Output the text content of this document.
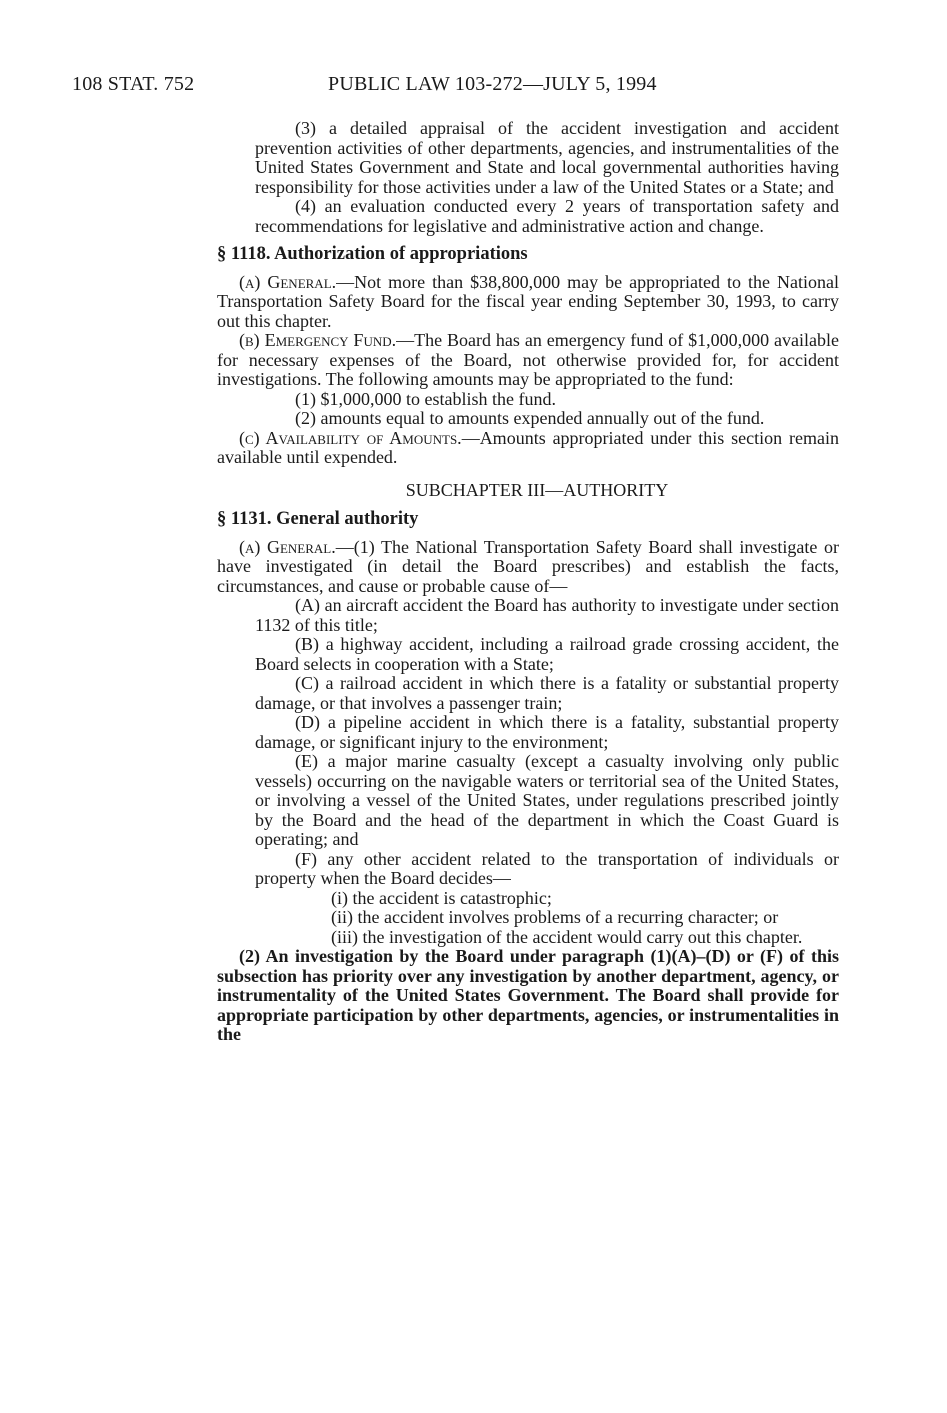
108 STAT. 752	PUBLIC LAW 103-272—JULY 5, 1994

(3) a detailed appraisal of the accident investigation and accident prevention activities of other departments, agencies, and instrumentalities of the United States Government and State and local governmental authorities having responsibility for those activities under a law of the United States or a State; and

(4) an evaluation conducted every 2 years of transportation safety and recommendations for legislative and administrative action and change.

§ 1118. Authorization of appropriations

(a) General.—Not more than $38,800,000 may be appropriated to the National Transportation Safety Board for the fiscal year ending September 30, 1993, to carry out this chapter.

(b) Emergency Fund.—The Board has an emergency fund of $1,000,000 available for necessary expenses of the Board, not otherwise provided for, for accident investigations. The following amounts may be appropriated to the fund:

(1) $1,000,000 to establish the fund.

(2) amounts equal to amounts expended annually out of the fund.

(c) Availability of Amounts.—Amounts appropriated under this section remain available until expended.

SUBCHAPTER III—AUTHORITY

§ 1131. General authority

(a) General.—(1) The National Transportation Safety Board shall investigate or have investigated (in detail the Board prescribes) and establish the facts, circumstances, and cause or probable cause of—

(A) an aircraft accident the Board has authority to investigate under section 1132 of this title;

(B) a highway accident, including a railroad grade crossing accident, the Board selects in cooperation with a State;

(C) a railroad accident in which there is a fatality or substantial property damage, or that involves a passenger train;

(D) a pipeline accident in which there is a fatality, substantial property damage, or significant injury to the environment;

(E) a major marine casualty (except a casualty involving only public vessels) occurring on the navigable waters or territorial sea of the United States, or involving a vessel of the United States, under regulations prescribed jointly by the Board and the head of the department in which the Coast Guard is operating; and

(F) any other accident related to the transportation of individuals or property when the Board decides—

(i) the accident is catastrophic;

(ii) the accident involves problems of a recurring character; or

(iii) the investigation of the accident would carry out this chapter.

(2) An investigation by the Board under paragraph (1)(A)–(D) or (F) of this subsection has priority over any investigation by another department, agency, or instrumentality of the United States Government. The Board shall provide for appropriate participation by other departments, agencies, or instrumentalities in the
